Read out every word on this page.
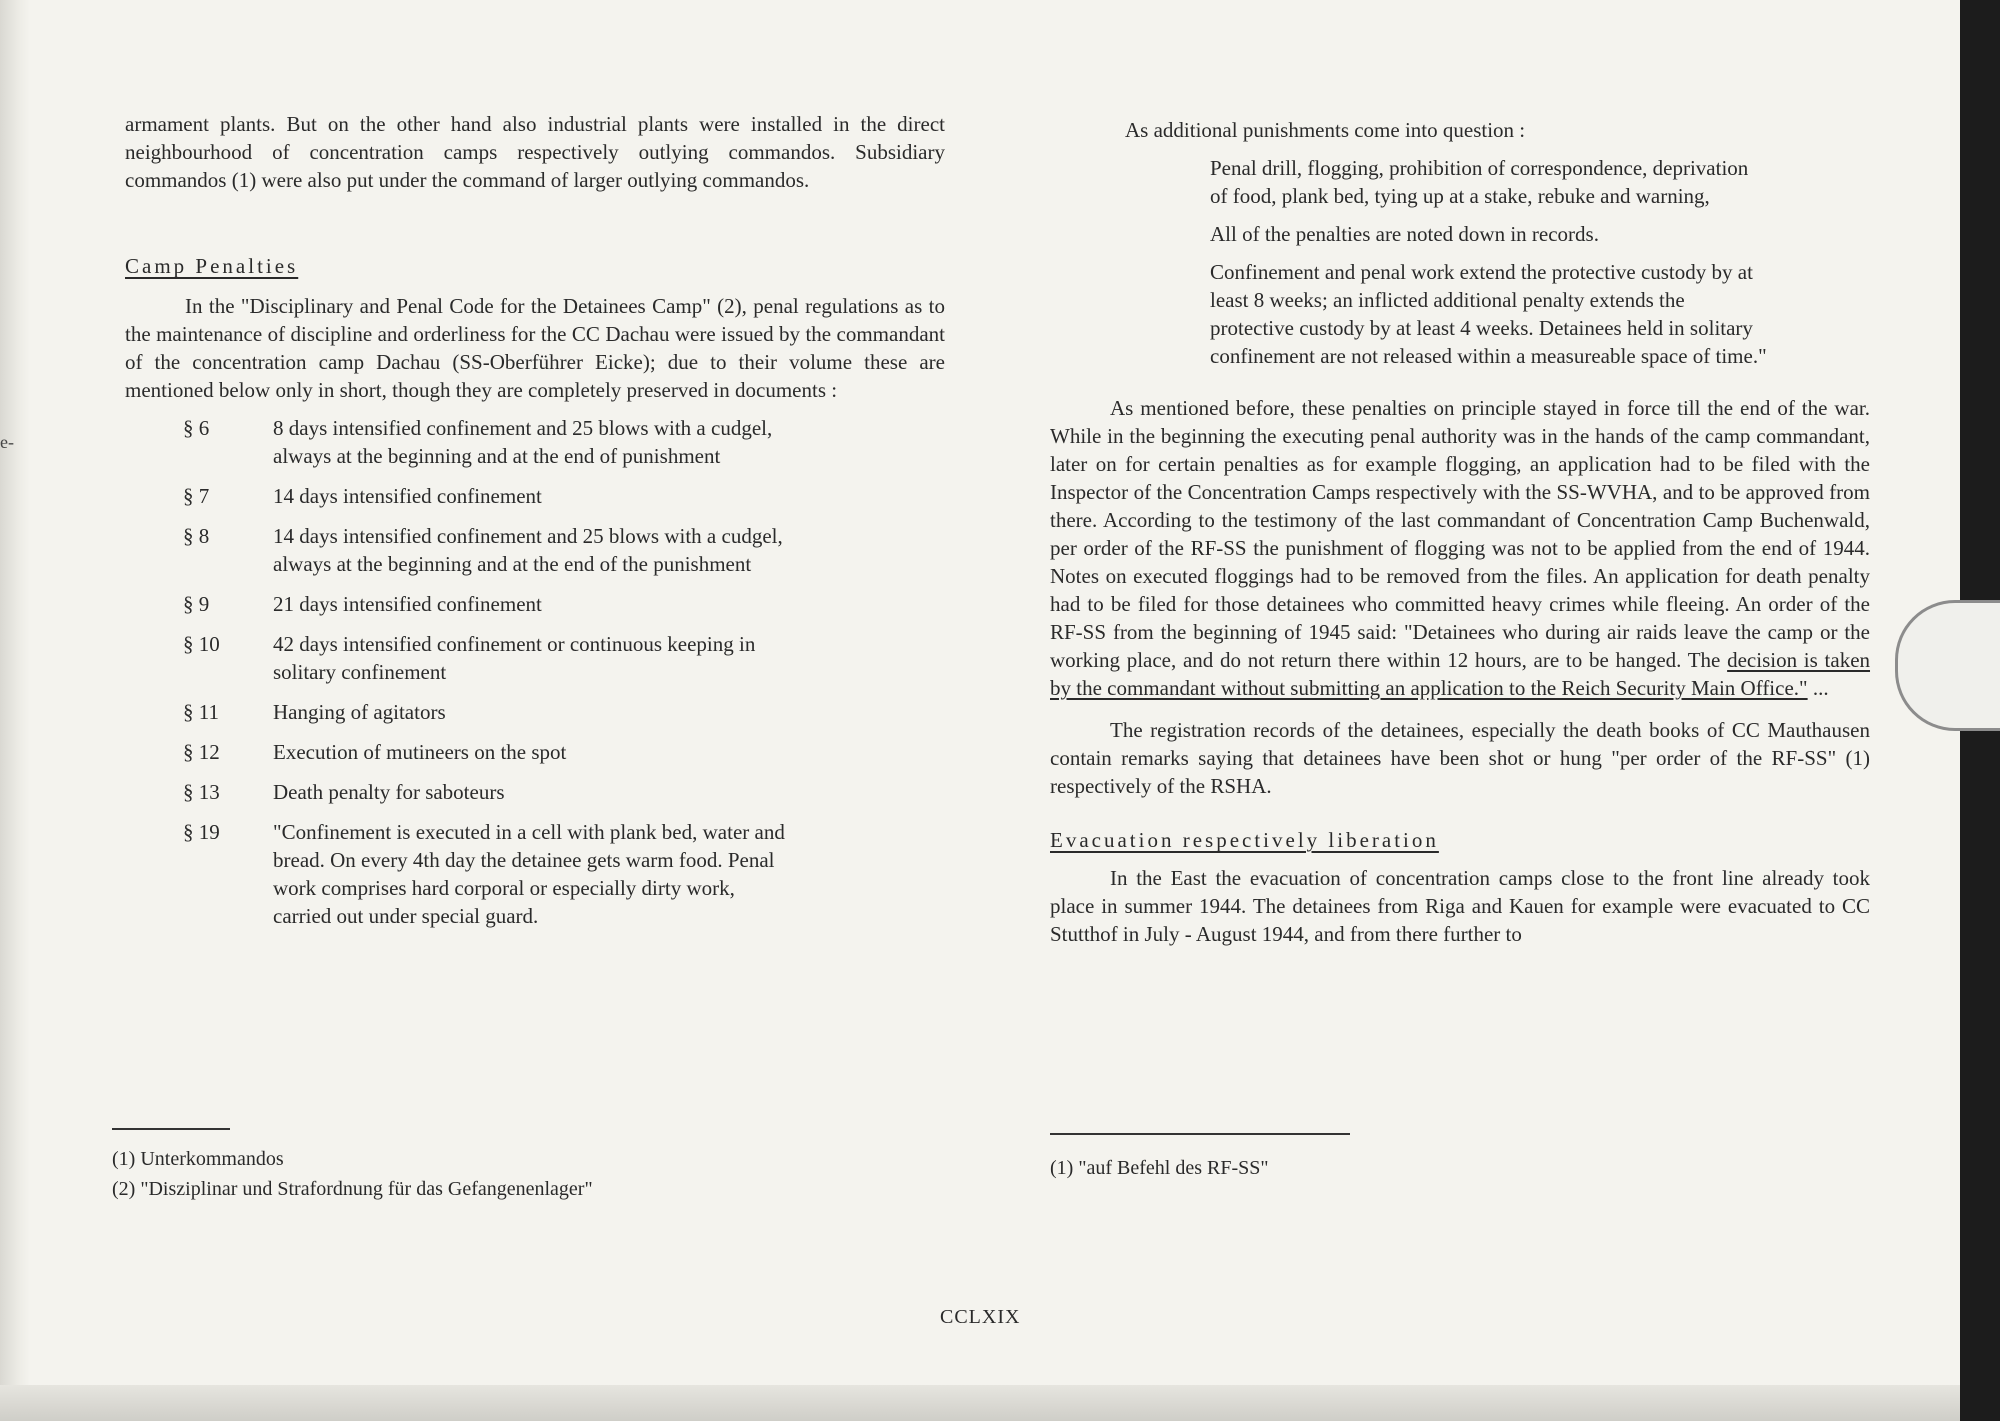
e-

armament plants. But on the other hand also industrial plants were installed in the direct neighbourhood of concentration camps respectively outlying commandos. Subsidiary commandos (1) were also put under the command of larger outlying commandos.

Camp Penalties

In the "Disciplinary and Penal Code for the Detainees Camp" (2), penal regulations as to the maintenance of discipline and orderliness for the CC Dachau were issued by the commandant of the concentration camp Dachau (SS-Oberführer Eicke); due to their volume these are mentioned below only in short, though they are completely preserved in documents :

§ 6	8 days intensified confinement and 25 blows with a cudgel, always at the beginning and at the end of punishment
§ 7	14 days intensified confinement
§ 8	14 days intensified confinement and 25 blows with a cudgel, always at the beginning and at the end of the punishment
§ 9	21 days intensified confinement
§ 10	42 days intensified confinement or continuous keeping in solitary confinement
§ 11	Hanging of agitators
§ 12	Execution of mutineers on the spot
§ 13	Death penalty for saboteurs
§ 19	"Confinement is executed in a cell with plank bed, water and bread. On every 4th day the detainee gets warm food. Penal work comprises hard corporal or especially dirty work, carried out under special guard.
(1) Unterkommandos
(2) "Disziplinar und Strafordnung für das Gefangenenlager"

As additional punishments come into question :

Penal drill, flogging, prohibition of correspondence, deprivation of food, plank bed, tying up at a stake, rebuke and warning,

All of the penalties are noted down in records.

Confinement and penal work extend the protective custody by at least 8 weeks; an inflicted additional penalty extends the protective custody by at least 4 weeks. Detainees held in solitary confinement are not released within a measureable space of time."

As mentioned before, these penalties on principle stayed in force till the end of the war. While in the beginning the executing penal authority was in the hands of the camp commandant, later on for certain penalties as for example flogging, an application had to be filed with the Inspector of the Concentration Camps respectively with the SS-WVHA, and to be approved from there. According to the testimony of the last commandant of Concentration Camp Buchenwald, per order of the RF-SS the punishment of flogging was not to be applied from the end of 1944. Notes on executed floggings had to be removed from the files. An application for death penalty had to be filed for those detainees who committed heavy crimes while fleeing. An order of the RF-SS from the beginning of 1945 said: "Detainees who during air raids leave the camp or the working place, and do not return there within 12 hours, are to be hanged. The decision is taken by the commandant without submitting an application to the Reich Security Main Office." ...

The registration records of the detainees, especially the death books of CC Mauthausen contain remarks saying that detainees have been shot or hung "per order of the RF-SS" (1) respectively of the RSHA.

Evacuation respectively liberation

In the East the evacuation of concentration camps close to the front line already took place in summer 1944. The detainees from Riga and Kauen for example were evacuated to CC Stutthof in July - August 1944, and from there further to

(1) "auf Befehl des RF-SS"
CCLXIX
